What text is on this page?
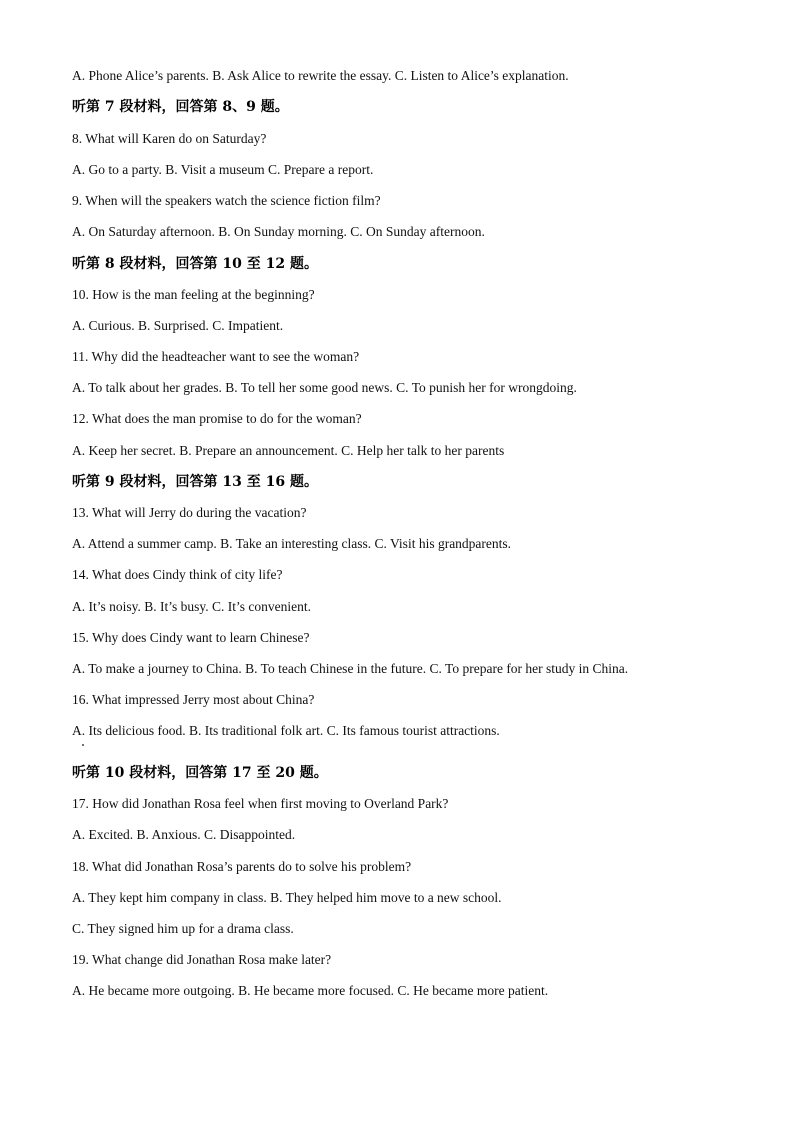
A. Phone Alice’s parents. B. Ask Alice to rewrite the essay. C. Listen to Alice’s explanation.
听第 7 段材料，回答第 8、9 题。
8. What will Karen do on Saturday?
A. Go to a party. B. Visit a museum C. Prepare a report.
9. When will the speakers watch the science fiction film?
A. On Saturday afternoon. B. On Sunday morning. C. On Sunday afternoon.
听第 8 段材料，回答第 10 至 12 题。
10. How is the man feeling at the beginning?
A. Curious. B. Surprised. C. Impatient.
11. Why did the headteacher want to see the woman?
A. To talk about her grades. B. To tell her some good news. C. To punish her for wrongdoing.
12. What does the man promise to do for the woman?
A. Keep her secret. B. Prepare an announcement. C. Help her talk to her parents
听第 9 段材料，回答第 13 至 16 题。
13. What will Jerry do during the vacation?
A. Attend a summer camp. B. Take an interesting class. C. Visit his grandparents.
14. What does Cindy think of city life?
A. It’s noisy. B. It’s busy. C. It’s convenient.
15. Why does Cindy want to learn Chinese?
A. To make a journey to China. B. To teach Chinese in the future. C. To prepare for her study in China.
16. What impressed Jerry most about China?
A. Its delicious food. B. Its traditional folk art. C. Its famous tourist attractions.
听第 10 段材料，回答第 17 至 20 题。
17. How did Jonathan Rosa feel when first moving to Overland Park?
A. Excited. B. Anxious. C. Disappointed.
18. What did Jonathan Rosa’s parents do to solve his problem?
A. They kept him company in class. B. They helped him move to a new school.
C. They signed him up for a drama class.
19. What change did Jonathan Rosa make later?
A. He became more outgoing. B. He became more focused. C. He became more patient.
